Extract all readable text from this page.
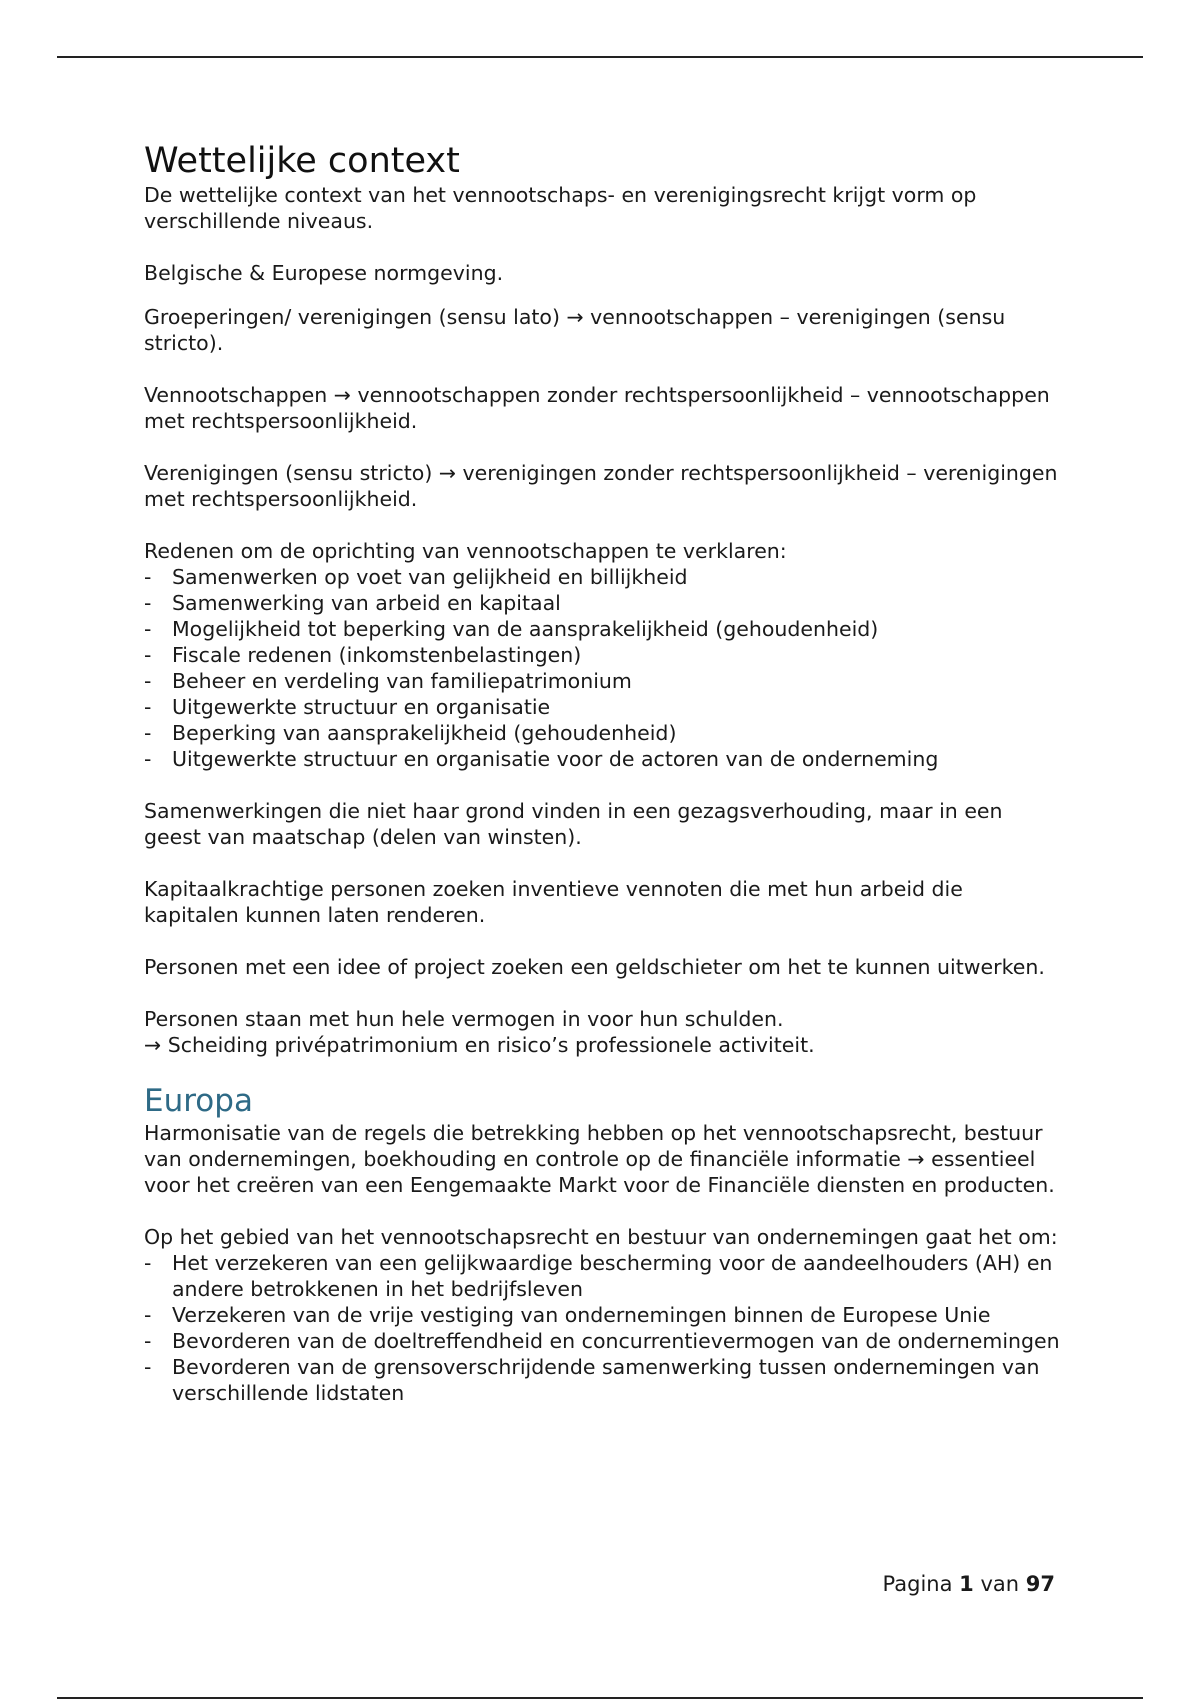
Wettelijke context

De wettelijke context van het vennootschaps- en verenigingsrecht krijgt vorm op verschillende niveaus.

Belgische & Europese normgeving.

Groeperingen/ verenigingen (sensu lato) → vennootschappen – verenigingen (sensu stricto).

Vennootschappen → vennootschappen zonder rechtspersoonlijkheid – vennootschappen met rechtspersoonlijkheid.

Verenigingen (sensu stricto) → verenigingen zonder rechtspersoonlijkheid – verenigingen met rechtspersoonlijkheid.

Redenen om de oprichting van vennootschappen te verklaren:

- Samenwerken op voet van gelijkheid en billijkheid
- Samenwerking van arbeid en kapitaal
- Mogelijkheid tot beperking van de aansprakelijkheid (gehoudenheid)
- Fiscale redenen (inkomstenbelastingen)
- Beheer en verdeling van familiepatrimonium
- Uitgewerkte structuur en organisatie
- Beperking van aansprakelijkheid (gehoudenheid)
- Uitgewerkte structuur en organisatie voor de actoren van de onderneming

Samenwerkingen die niet haar grond vinden in een gezagsverhouding, maar in een geest van maatschap (delen van winsten).

Kapitaalkrachtige personen zoeken inventieve vennoten die met hun arbeid die kapitalen kunnen laten renderen.

Personen met een idee of project zoeken een geldschieter om het te kunnen uitwerken.

Personen staan met hun hele vermogen in voor hun schulden.

→ Scheiding privépatrimonium en risico’s professionele activiteit.

Europa

Harmonisatie van de regels die betrekking hebben op het vennootschapsrecht, bestuur van ondernemingen, boekhouding en controle op de financiële informatie → essentieel voor het creëren van een Eengemaakte Markt voor de Financiële diensten en producten.

Op het gebied van het vennootschapsrecht en bestuur van ondernemingen gaat het om:

- Het verzekeren van een gelijkwaardige bescherming voor de aandeelhouders (AH) en andere betrokkenen in het bedrijfsleven
- Verzekeren van de vrije vestiging van ondernemingen binnen de Europese Unie
- Bevorderen van de doeltreffendheid en concurrentievermogen van de ondernemingen
- Bevorderen van de grensoverschrijdende samenwerking tussen ondernemingen van verschillende lidstaten
Pagina 1 van 97
